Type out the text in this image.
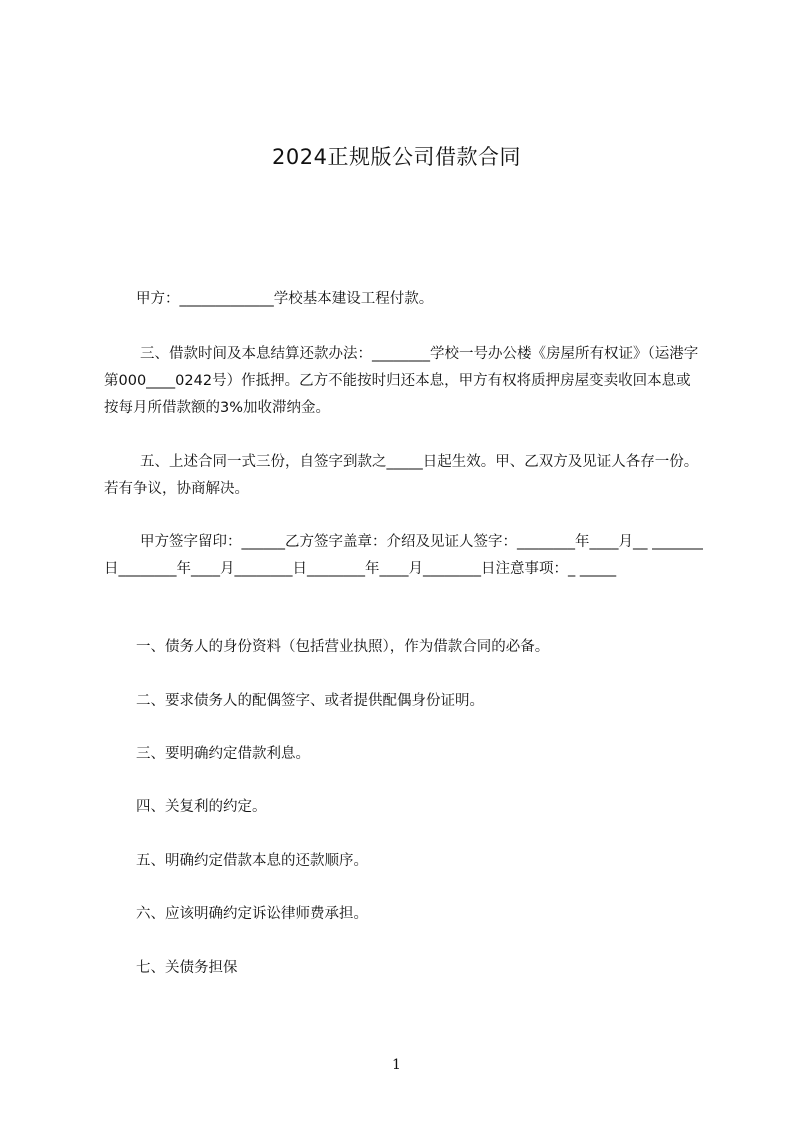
2024正规版公司借款合同

甲方：_____________学校基本建设工程付款。

三、借款时间及本息结算还款办法：________学校一号办公楼《房屋所有权证》（运港字第000____0242号）作抵押。乙方不能按时归还本息，甲方有权将质押房屋变卖收回本息或按每月所借款额的3%加收滞纳金。

五、上述合同一式三份，自签字到款之_____日起生效。甲、乙双方及见证人各存一份。若有争议，协商解决。

甲方签字留印：______乙方签字盖章：介绍及见证人签字：________年____月__ _______日________年____月________日________年____月________日注意事项：_ _____

一、债务人的身份资料（包括营业执照），作为借款合同的必备。

二、要求债务人的配偶签字、或者提供配偶身份证明。

三、要明确约定借款利息。

四、关复利的约定。

五、明确约定借款本息的还款顺序。

六、应该明确约定诉讼律师费承担。

七、关债务担保

1
